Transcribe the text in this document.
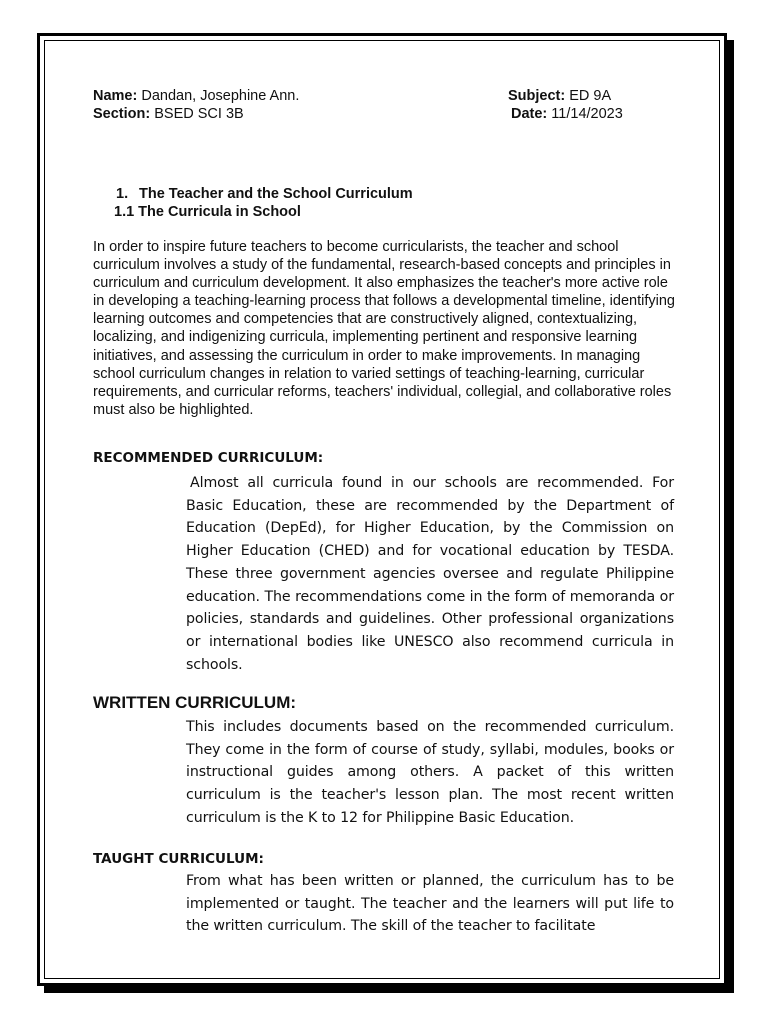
Name: Dandan, Josephine Ann.
Section: BSED SCI 3B
Subject: ED 9A
Date: 11/14/2023
1. The Teacher and the School Curriculum
1.1 The Curricula in School

In order to inspire future teachers to become curricularists, the teacher and school curriculum involves a study of the fundamental, research-based concepts and principles in curriculum and curriculum development. It also emphasizes the teacher's more active role in developing a teaching-learning process that follows a developmental timeline, identifying learning outcomes and competencies that are constructively aligned, contextualizing, localizing, and indigenizing curricula, implementing pertinent and responsive learning initiatives, and assessing the curriculum in order to make improvements. In managing school curriculum changes in relation to varied settings of teaching-learning, curricular requirements, and curricular reforms, teachers' individual, collegial, and collaborative roles must also be highlighted.

RECOMMENDED CURRICULUM:

Almost all curricula found in our schools are recommended. For Basic Education, these are recommended by the Department of Education (DepEd), for Higher Education, by the Commission on Higher Education (CHED) and for vocational education by TESDA. These three government agencies oversee and regulate Philippine education. The recommendations come in the form of memoranda or policies, standards and guidelines. Other professional organizations or international bodies like UNESCO also recommend curricula in schools.

WRITTEN CURRICULUM:

This includes documents based on the recommended curriculum. They come in the form of course of study, syllabi, modules, books or instructional guides among others. A packet of this written curriculum is the teacher's lesson plan. The most recent written curriculum is the K to 12 for Philippine Basic Education.

TAUGHT CURRICULUM:

From what has been written or planned, the curriculum has to be implemented or taught. The teacher and the learners will put life to the written curriculum. The skill of the teacher to facilitate
